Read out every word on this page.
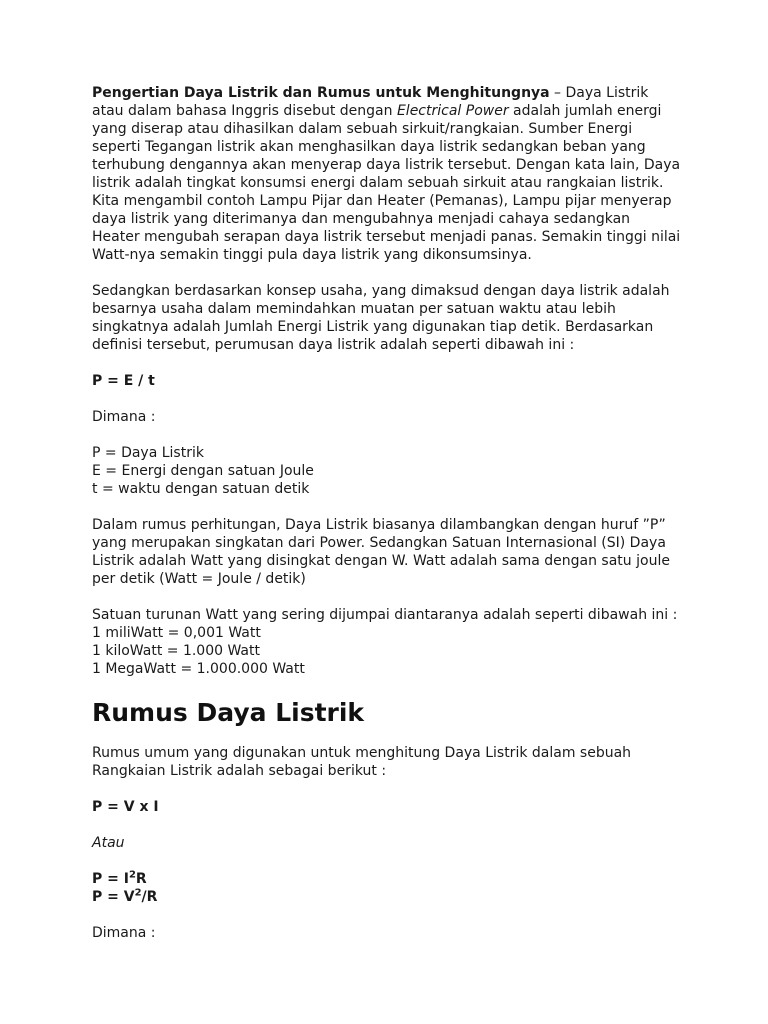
Pengertian Daya Listrik dan Rumus untuk Menghitungnya – Daya Listrik atau dalam bahasa Inggris disebut dengan Electrical Power adalah jumlah energi yang diserap atau dihasilkan dalam sebuah sirkuit/rangkaian. Sumber Energi seperti Tegangan listrik akan menghasilkan daya listrik sedangkan beban yang terhubung dengannya akan menyerap daya listrik tersebut. Dengan kata lain, Daya listrik adalah tingkat konsumsi energi dalam sebuah sirkuit atau rangkaian listrik. Kita mengambil contoh Lampu Pijar dan Heater (Pemanas), Lampu pijar menyerap daya listrik yang diterimanya dan mengubahnya menjadi cahaya sedangkan Heater mengubah serapan daya listrik tersebut menjadi panas. Semakin tinggi nilai Watt-nya semakin tinggi pula daya listrik yang dikonsumsinya.

Sedangkan berdasarkan konsep usaha, yang dimaksud dengan daya listrik adalah besarnya usaha dalam memindahkan muatan per satuan waktu atau lebih singkatnya adalah Jumlah Energi Listrik yang digunakan tiap detik. Berdasarkan definisi tersebut, perumusan daya listrik adalah seperti dibawah ini :

P = E / t

Dimana :

P = Daya Listrik

E = Energi dengan satuan Joule

t = waktu dengan satuan detik

Dalam rumus perhitungan, Daya Listrik biasanya dilambangkan dengan huruf ”P” yang merupakan singkatan dari Power. Sedangkan Satuan Internasional (SI) Daya Listrik adalah Watt yang disingkat dengan W. Watt adalah sama dengan satu joule per detik (Watt = Joule / detik)

Satuan turunan Watt yang sering dijumpai diantaranya adalah seperti dibawah ini :

1 miliWatt = 0,001 Watt

1 kiloWatt = 1.000 Watt

1 MegaWatt = 1.000.000 Watt

Rumus Daya Listrik

Rumus umum yang digunakan untuk menghitung Daya Listrik dalam sebuah Rangkaian Listrik adalah sebagai berikut :

P = V x I

Atau

$P = I^2R$

$P = V^2/R$

Dimana :
